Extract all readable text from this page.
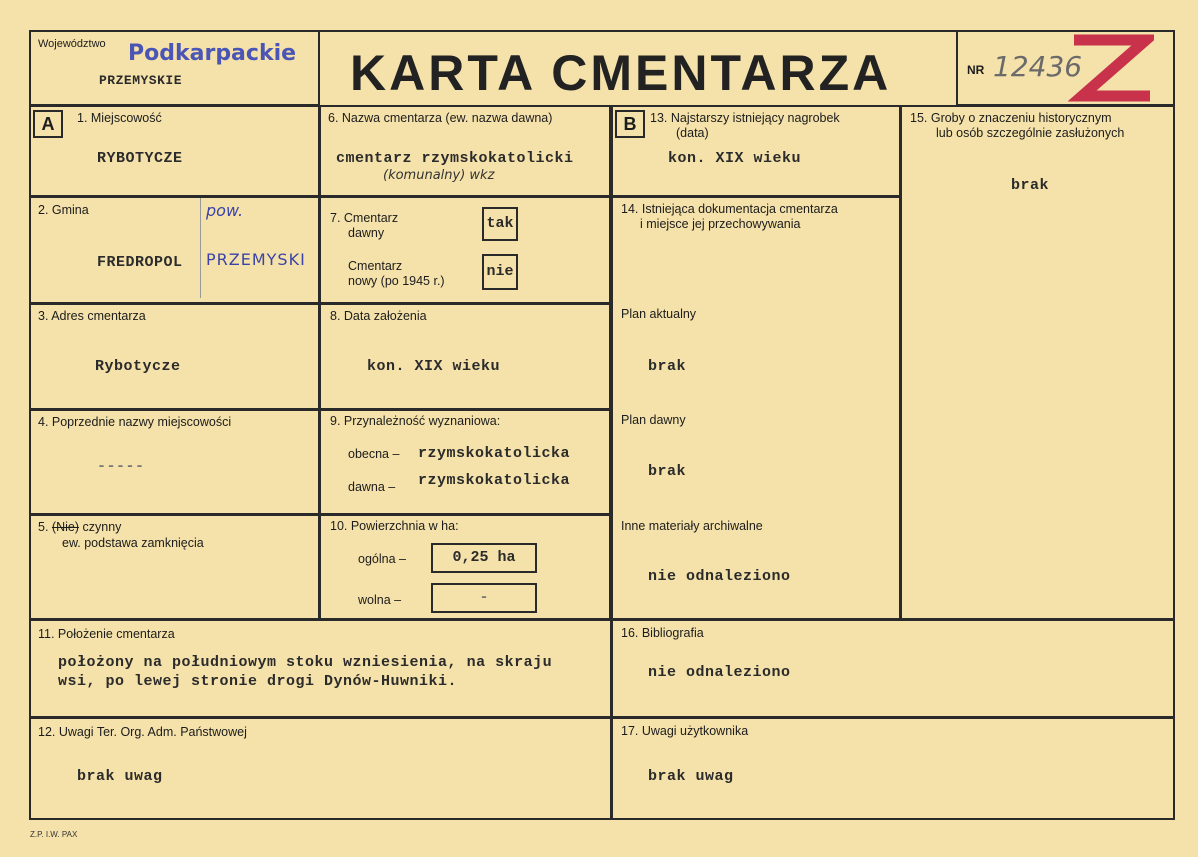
Województwo Podkarpackie
PRZEMYSKIE	KARTA CMENTARZA	NR 12436
A	1. Miejscowość
RYBOTYCZE
2. Gmina	pow.
FREDROPOL PRZEMYSKI
3. Adres cmentarza
Rybotycze
4. Poprzednie nazwy miejscowości
-----
5. (Nie) czynny
ew. podstawa zamknięcia
11. Położenie cmentarza
położony na południowym stoku wzniesienia, na skraju
wsi, po lewej stronie drogi Dynów-Huwniki.
12. Uwagi Ter. Org. Adm. Państwowej
brak uwag
6. Nazwa cmentarza (ew. nazwa dawna)
cmentarz rzymskokatolicki
(komunalny) wkz
7. Cmentarz
dawny
tak
Cmentarz
nowy (po 1945 r.)
nie
8. Data założenia
kon. XIX wieku
9. Przynależność wyznaniowa:
obecna – rzymskokatolicka
dawna – rzymskokatolicka
10. Powierzchnia w ha:
ogólna –	0,25 ha
wolna –	-
B	13. Najstarszy istniejący nagrobek
(data)
kon. XIX wieku
14. Istniejąca dokumentacja cmentarza
i miejsce jej przechowywania
Plan aktualny
brak
Plan dawny
brak
Inne materiały archiwalne
nie odnaleziono
15. Groby o znaczeniu historycznym
lub osób szczególnie zasłużonych
brak
16. Bibliografia
nie odnaleziono
17. Uwagi użytkownika
brak uwag
Z.P. I.W. PAX
